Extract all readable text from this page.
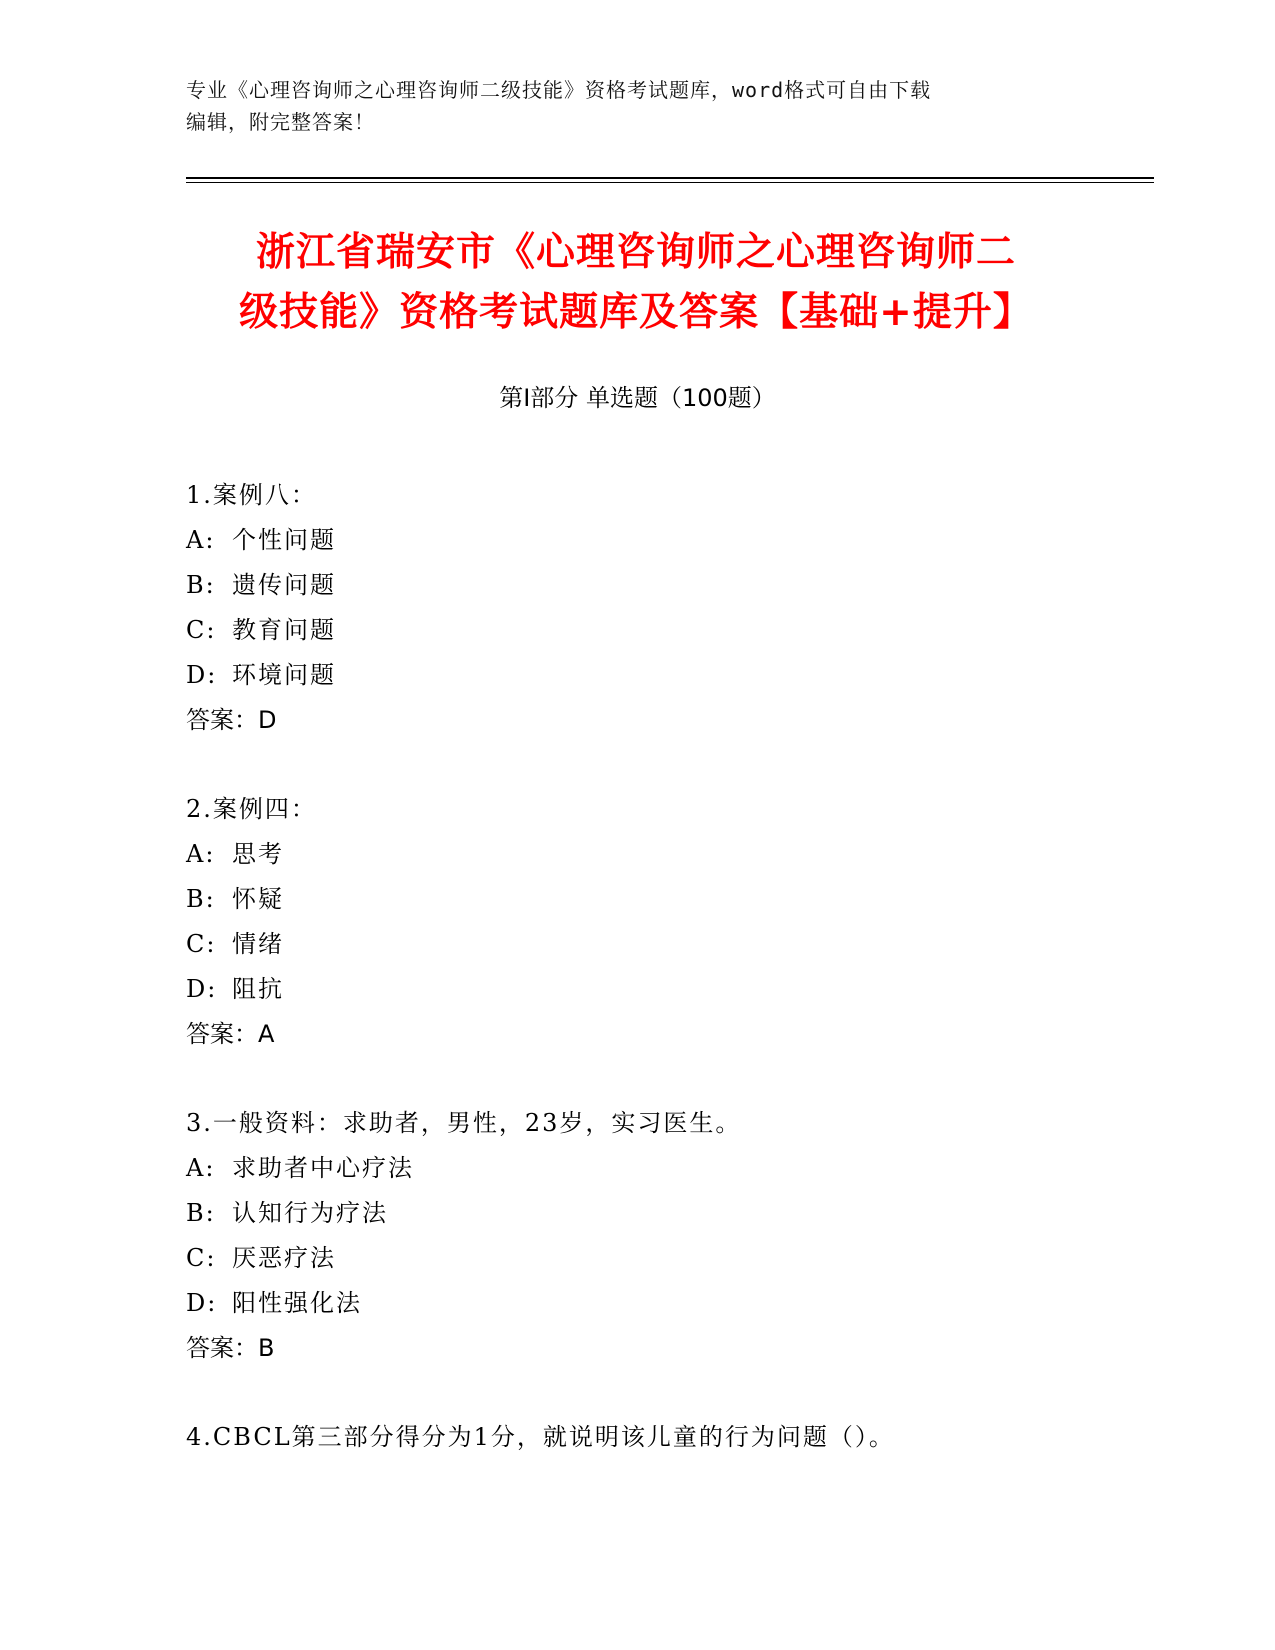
专业《心理咨询师之心理咨询师二级技能》资格考试题库，word格式可自由下载
编辑，附完整答案！
浙江省瑞安市《心理咨询师之心理咨询师二
级技能》资格考试题库及答案【基础+提升】
第Ⅰ部分 单选题（100题）
1.案例八：
A: 个性问题
B: 遗传问题
C: 教育问题
D: 环境问题
答案：D
2.案例四：
A: 思考
B: 怀疑
C: 情绪
D: 阻抗
答案：A
3.一般资料：求助者，男性，23岁，实习医生。
A: 求助者中心疗法
B: 认知行为疗法
C: 厌恶疗法
D: 阳性强化法
答案：B
4.CBCL第三部分得分为1分，就说明该儿童的行为问题（）。
